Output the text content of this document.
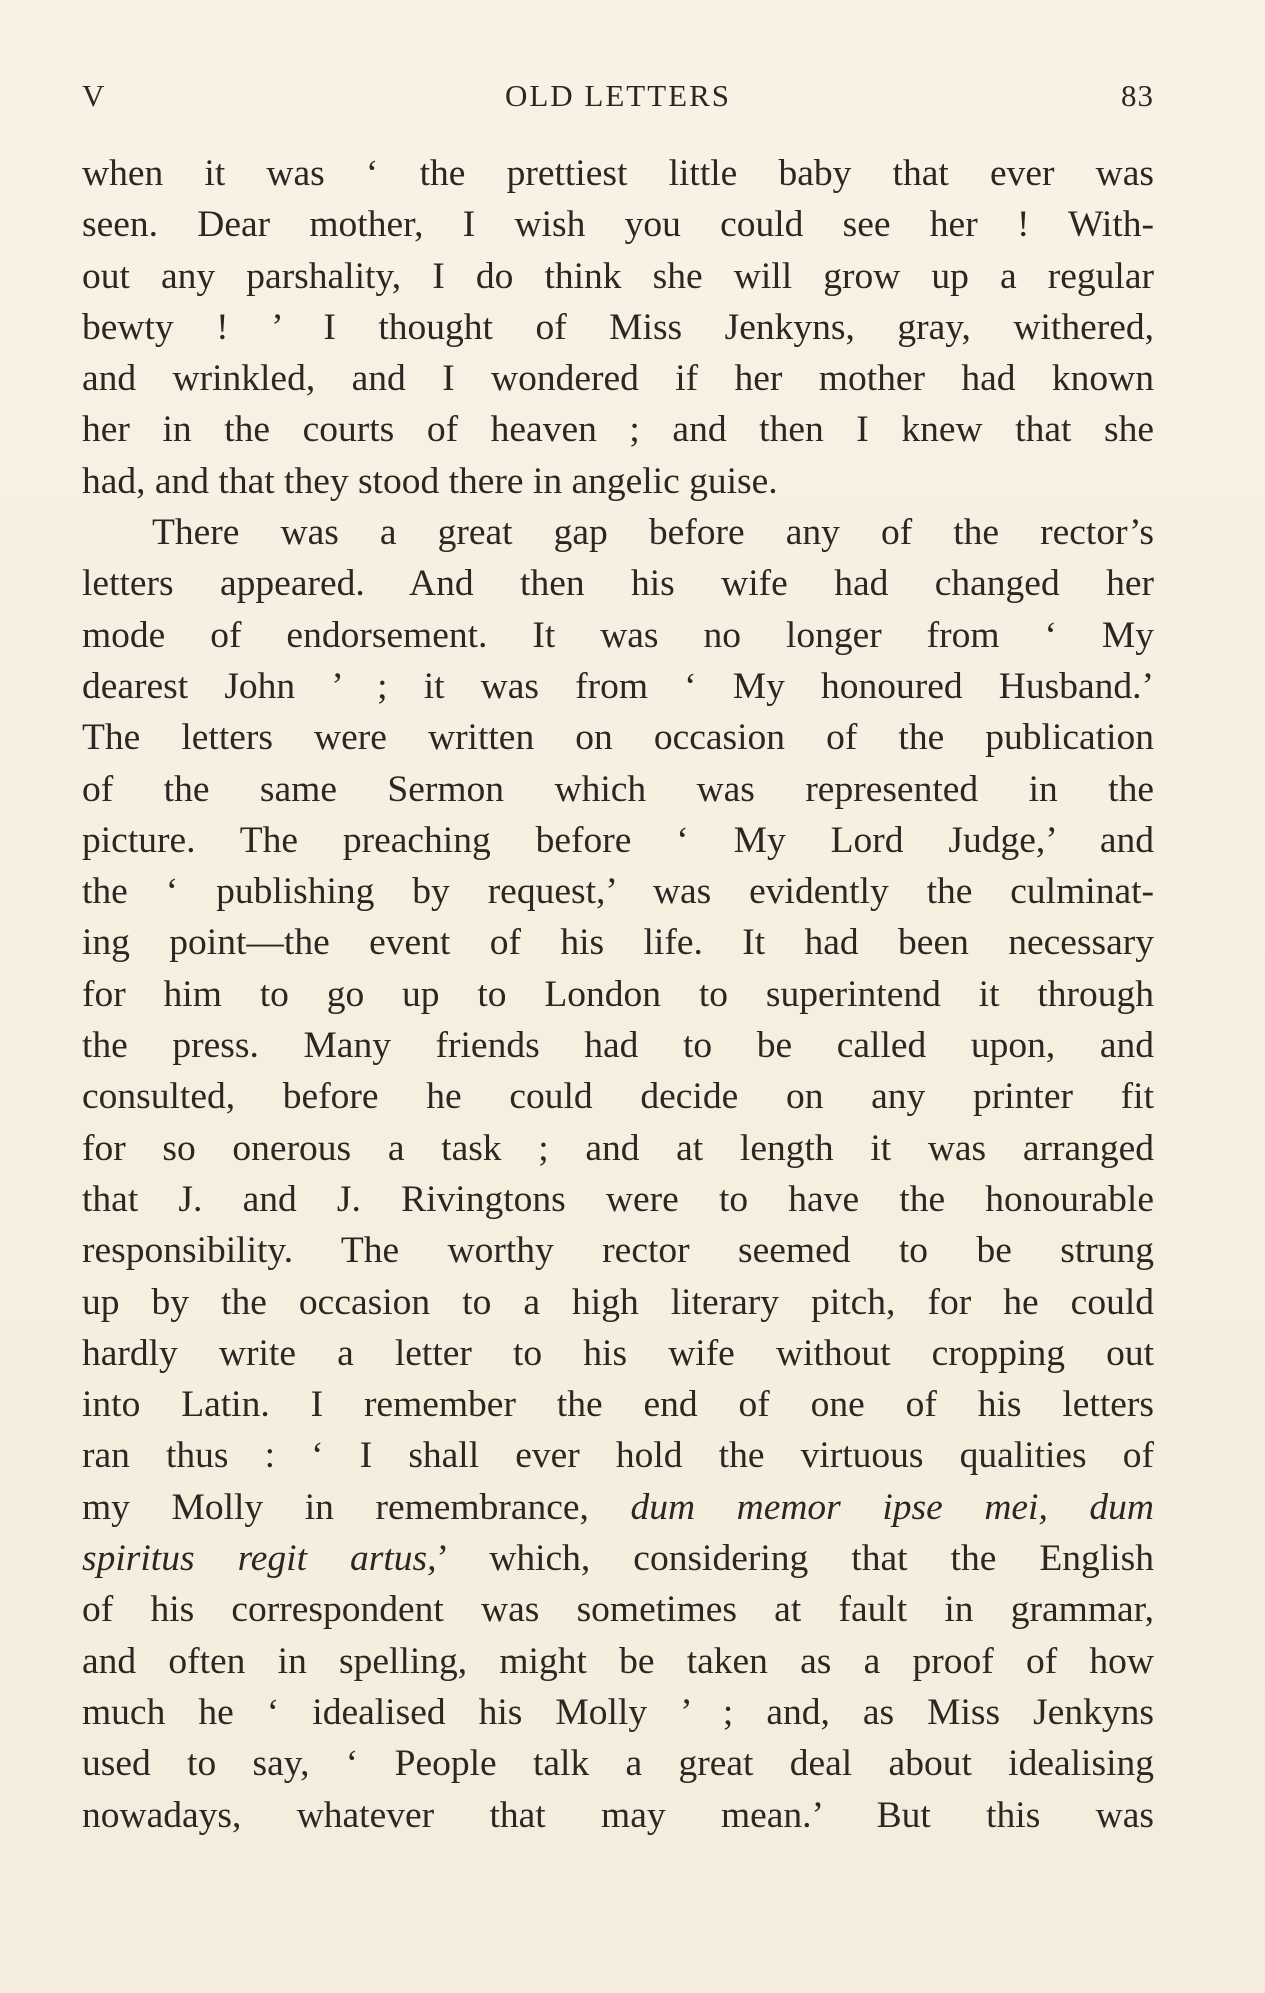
V	OLD LETTERS	83
when it was ‘ the prettiest little baby that ever was
seen. Dear mother, I wish you could see her ! With-
out any parshality, I do think she will grow up a regular
bewty ! ’ I thought of Miss Jenkyns, gray, withered,
and wrinkled, and I wondered if her mother had known
her in the courts of heaven ; and then I knew that she
had, and that they stood there in angelic guise.
There was a great gap before any of the rector’s
letters appeared. And then his wife had changed her
mode of endorsement. It was no longer from ‘ My
dearest John ’ ; it was from ‘ My honoured Husband.’
The letters were written on occasion of the publication
of the same Sermon which was represented in the
picture. The preaching before ‘ My Lord Judge,’ and
the ‘ publishing by request,’ was evidently the culminat-
ing point—the event of his life. It had been necessary
for him to go up to London to superintend it through
the press. Many friends had to be called upon, and
consulted, before he could decide on any printer fit
for so onerous a task ; and at length it was arranged
that J. and J. Rivingtons were to have the honourable
responsibility. The worthy rector seemed to be strung
up by the occasion to a high literary pitch, for he could
hardly write a letter to his wife without cropping out
into Latin. I remember the end of one of his letters
ran thus : ‘ I shall ever hold the virtuous qualities of
my Molly in remembrance, dum memor ipse mei, dum
spiritus regit artus,’ which, considering that the English
of his correspondent was sometimes at fault in grammar,
and often in spelling, might be taken as a proof of how
much he ‘ idealised his Molly ’ ; and, as Miss Jenkyns
used to say, ‘ People talk a great deal about idealising
nowadays, whatever that may mean.’ But this was
